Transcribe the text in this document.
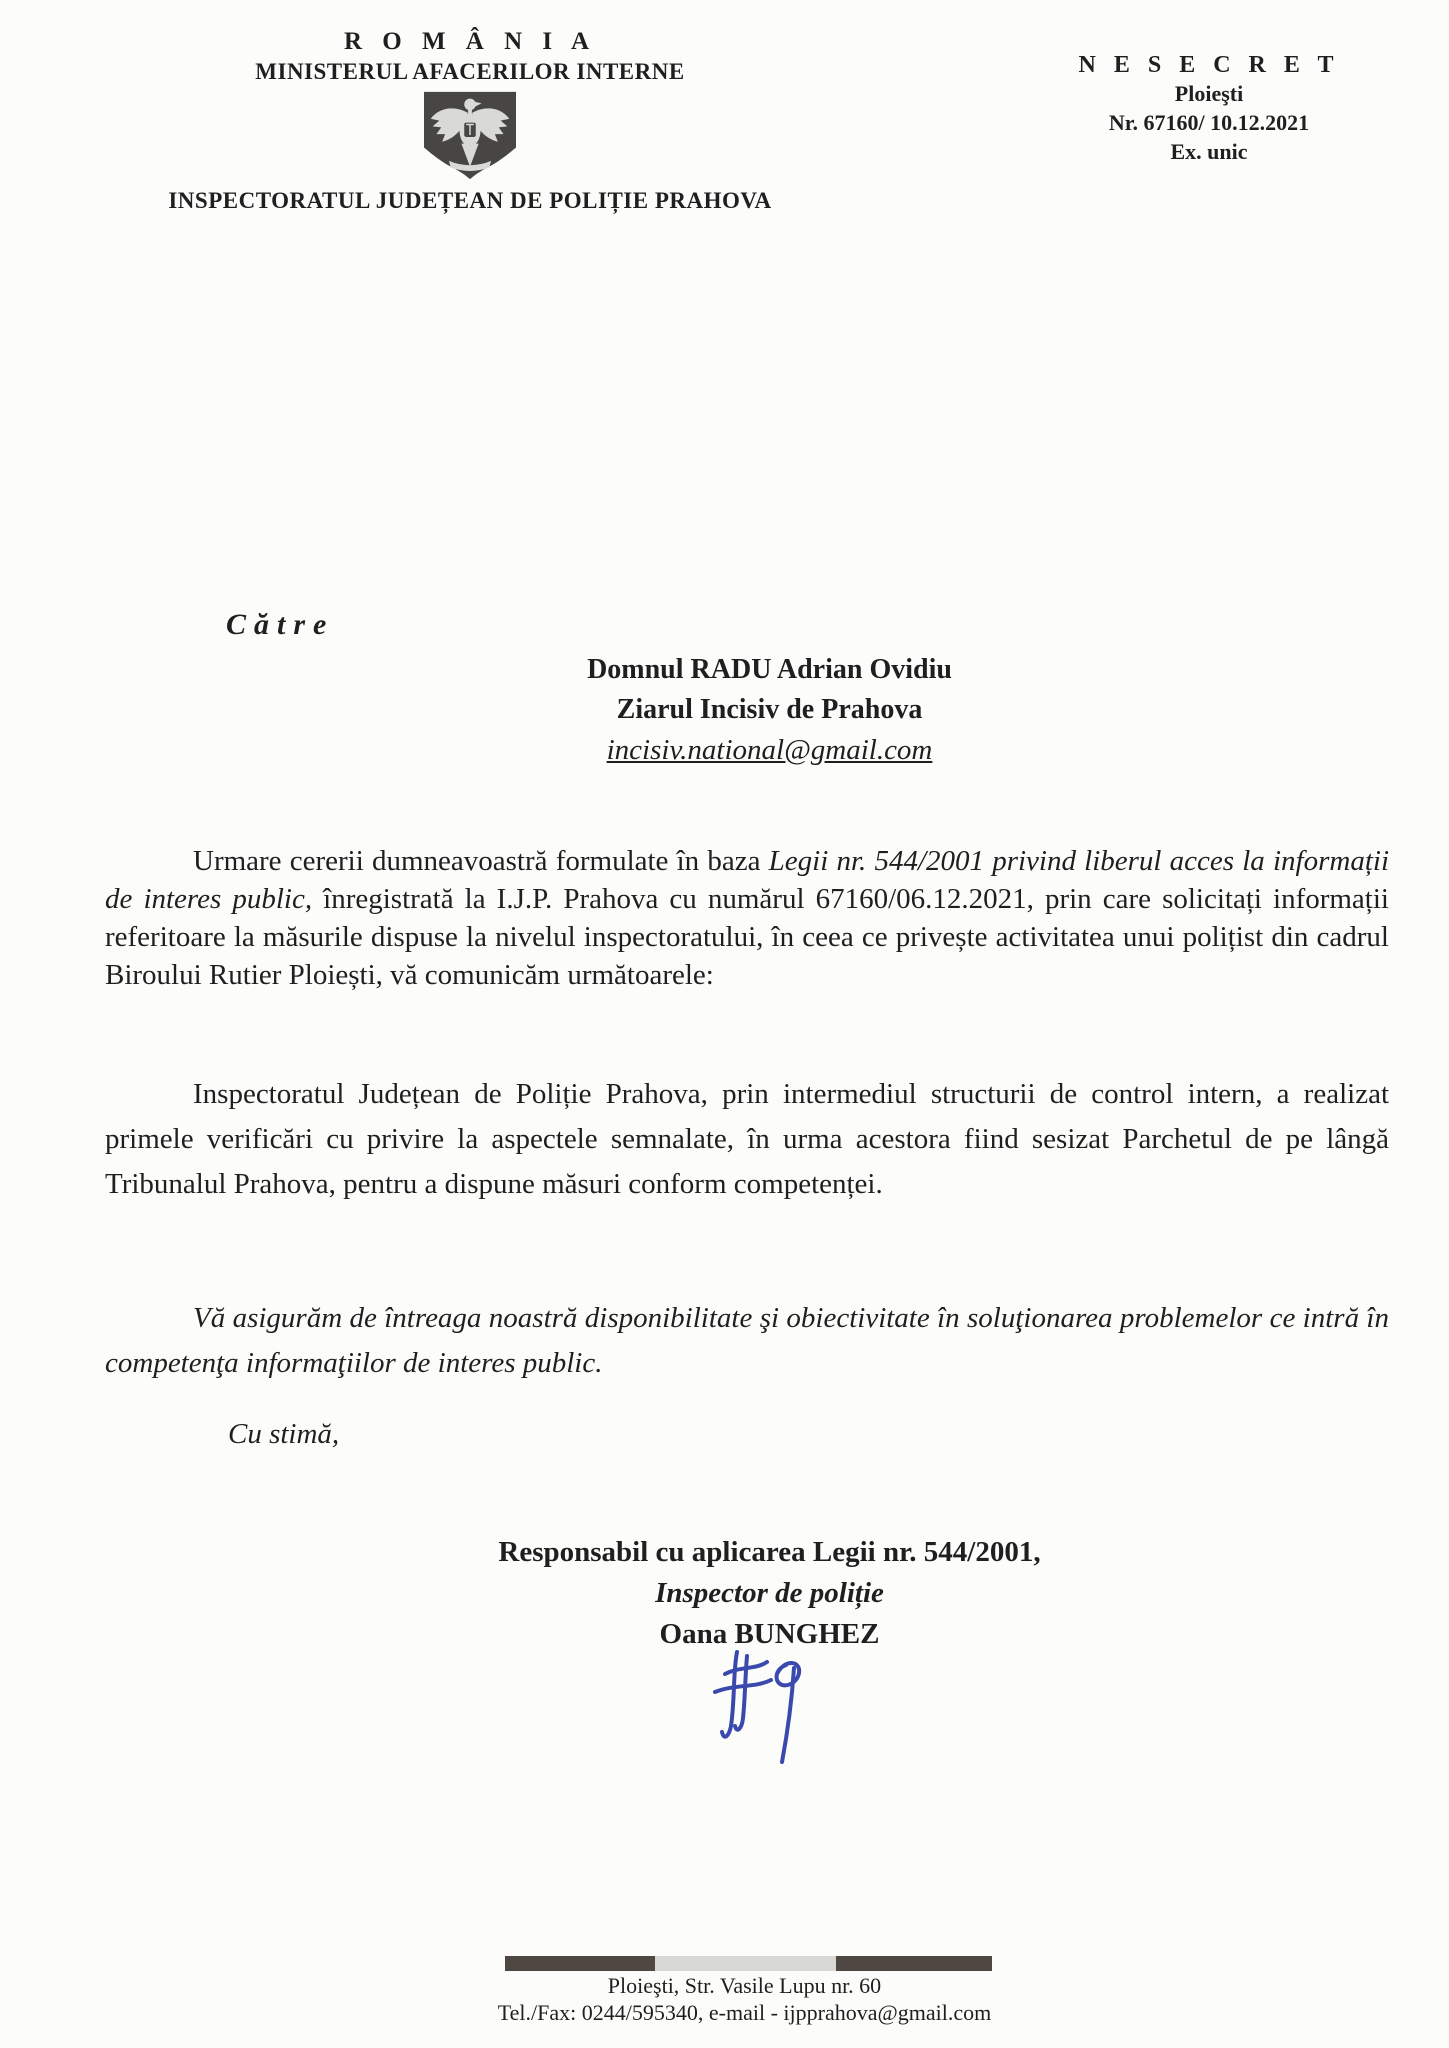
R O M Â N I A
MINISTERUL AFACERILOR INTERNE
INSPECTORATUL JUDEȚEAN DE POLIȚIE PRAHOVA
N E S E C R E T
Ploieşti
Nr. 67160/ 10.12.2021
Ex. unic
Către
Domnul RADU Adrian Ovidiu
Ziarul Incisiv de Prahova
incisiv.national@gmail.com
Urmare cererii dumneavoastră formulate în baza Legii nr. 544/2001 privind liberul acces la informații de interes public, înregistrată la I.J.P. Prahova cu numărul 67160/06.12.2021, prin care solicitați informații referitoare la măsurile dispuse la nivelul inspectoratului, în ceea ce privește activitatea unui polițist din cadrul Biroului Rutier Ploiești, vă comunicăm următoarele:
Inspectoratul Județean de Poliție Prahova, prin intermediul structurii de control intern, a realizat primele verificări cu privire la aspectele semnalate, în urma acestora fiind sesizat Parchetul de pe lângă Tribunalul Prahova, pentru a dispune măsuri conform competenței.
Vă asigurăm de întreaga noastră disponibilitate şi obiectivitate în soluţionarea problemelor ce intră în competenţa informaţiilor de interes public.
Cu stimă,
Responsabil cu aplicarea Legii nr. 544/2001,
Inspector de poliție
Oana BUNGHEZ
Ploieşti, Str. Vasile Lupu nr. 60
Tel./Fax: 0244/595340, e-mail - ijpprahova@gmail.com
